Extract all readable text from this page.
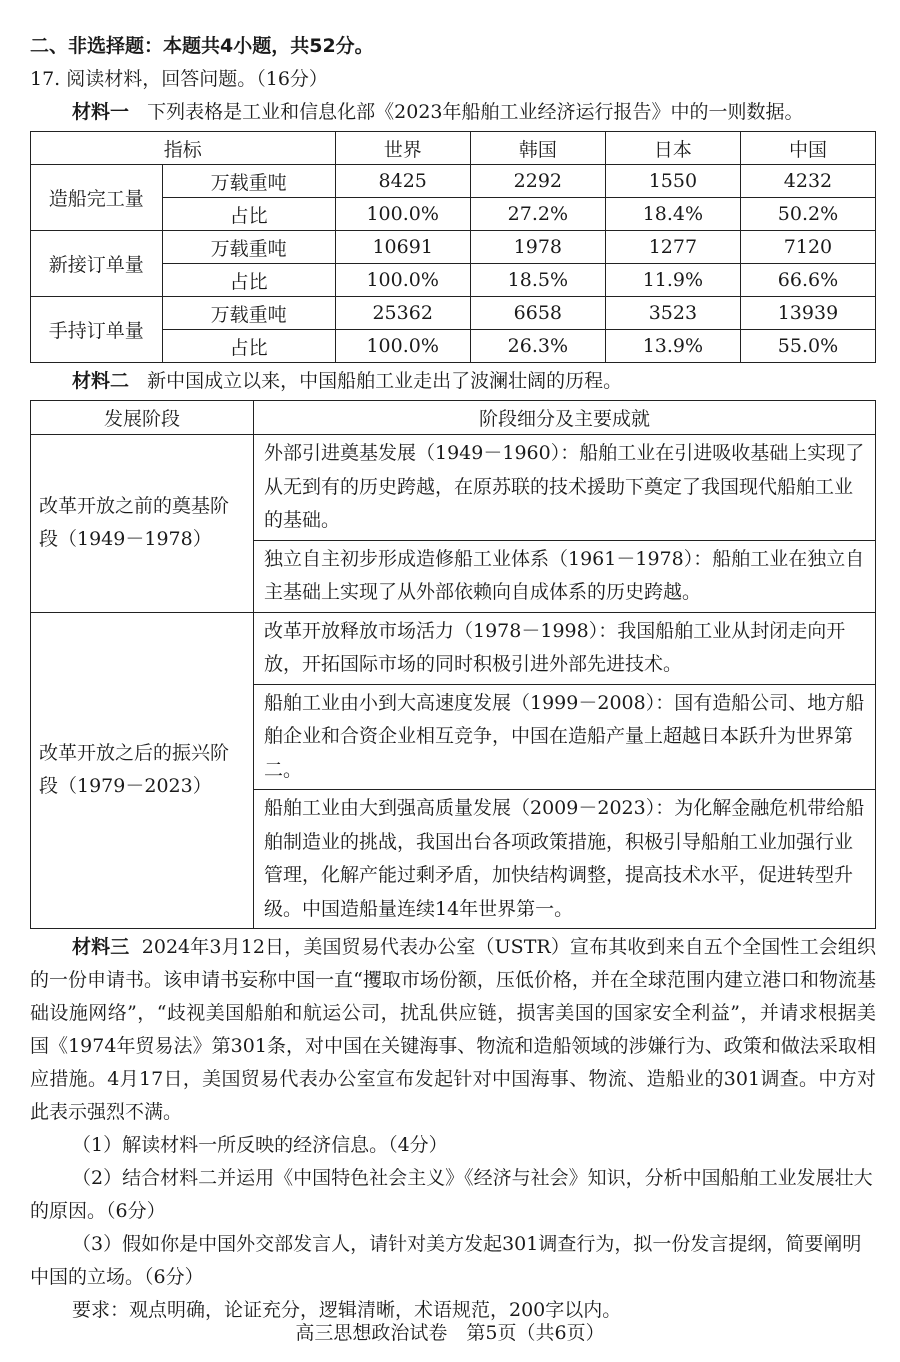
二、非选择题：本题共4小题，共52分。
17. 阅读材料，回答问题。（16分）
材料一 下列表格是工业和信息化部《2023年船舶工业经济运行报告》中的一则数据。
指标		世界	韩国	日本	中国
造船完工量	万载重吨	8425	2292	1550	4232
	占比	100.0%	27.2%	18.4%	50.2%
新接订单量	万载重吨	10691	1978	1277	7120
	占比	100.0%	18.5%	11.9%	66.6%
手持订单量	万载重吨	25362	6658	3523	13939
	占比	100.0%	26.3%	13.9%	55.0%
材料二 新中国成立以来，中国船舶工业走出了波澜壮阔的历程。
发展阶段	阶段细分及主要成就
改革开放之前的奠基阶段（1949－1978）	外部引进奠基发展（1949－1960）：船舶工业在引进吸收基础上实现了从无到有的历史跨越，在原苏联的技术援助下奠定了我国现代船舶工业的基础。
	独立自主初步形成造修船工业体系（1961－1978）：船舶工业在独立自主基础上实现了从外部依赖向自成体系的历史跨越。
改革开放之后的振兴阶段（1979－2023）	改革开放释放市场活力（1978－1998）：我国船舶工业从封闭走向开放，开拓国际市场的同时积极引进外部先进技术。
	船舶工业由小到大高速度发展（1999－2008）：国有造船公司、地方船舶企业和合资企业相互竞争，中国在造船产量上超越日本跃升为世界第二。
	船舶工业由大到强高质量发展（2009－2023）：为化解金融危机带给船舶制造业的挑战，我国出台各项政策措施，积极引导船舶工业加强行业管理，化解产能过剩矛盾，加快结构调整，提高技术水平，促进转型升级。中国造船量连续14年世界第一。
材料三 2024年3月12日，美国贸易代表办公室（USTR）宣布其收到来自五个全国性工会组织的一份申请书。该申请书妄称中国一直“攫取市场份额，压低价格，并在全球范围内建立港口和物流基础设施网络”，“歧视美国船舶和航运公司，扰乱供应链，损害美国的国家安全利益”，并请求根据美国《1974年贸易法》第301条，对中国在关键海事、物流和造船领域的涉嫌行为、政策和做法采取相应措施。4月17日，美国贸易代表办公室宣布发起针对中国海事、物流、造船业的301调查。中方对此表示强烈不满。
（1）解读材料一所反映的经济信息。（4分）
（2）结合材料二并运用《中国特色社会主义》《经济与社会》知识，分析中国船舶工业发展壮大的原因。（6分）
（3）假如你是中国外交部发言人，请针对美方发起301调查行为，拟一份发言提纲，简要阐明中国的立场。（6分）
要求：观点明确，论证充分，逻辑清晰，术语规范，200字以内。
高三思想政治试卷　第5页（共6页）
